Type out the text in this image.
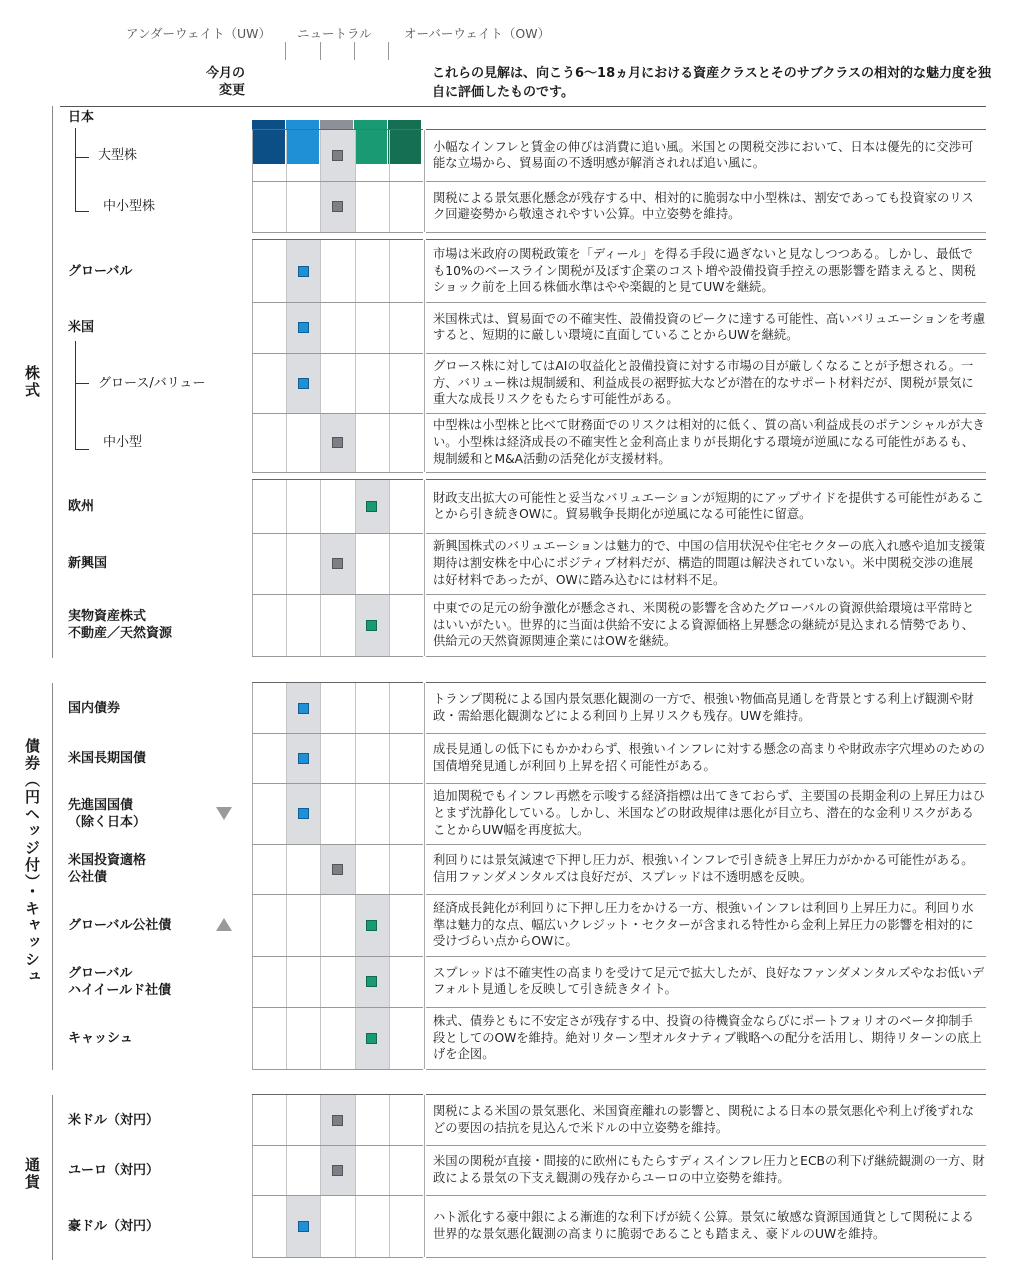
アンダーウェイト（UW） ニュートラル	オーバーウェイト（OW）
今月の
変更
これらの見解は、向こう6～18ヵ月における資産クラスとそのサブクラスの相対的な魅力度を独自に評価したものです。
株式
債券（円ヘッジ付）・キャッシュ
通貨
日本
大型株
小幅なインフレと賃金の伸びは消費に追い風。米国との関税交渉において、日本は優先的に交渉可能な立場から、貿易面の不透明感が解消されれば追い風に。
中小型株
関税による景気悪化懸念が残存する中、相対的に脆弱な中小型株は、割安であっても投資家のリスク回避姿勢から敬遠されやすい公算。中立姿勢を維持。
グローバル
市場は米政府の関税政策を「ディール」を得る手段に過ぎないと見なしつつある。しかし、最低でも10%のベースライン関税が及ぼす企業のコスト増や設備投資手控えの悪影響を踏まえると、関税ショック前を上回る株価水準はやや楽観的と見てUWを継続。
米国
米国株式は、貿易面での不確実性、設備投資のピークに達する可能性、高いバリュエーションを考慮すると、短期的に厳しい環境に直面していることからUWを継続。
グロース/バリュー
グロース株に対してはAIの収益化と設備投資に対する市場の目が厳しくなることが予想される。一方、バリュー株は規制緩和、利益成長の裾野拡大などが潜在的なサポート材料だが、関税が景気に重大な成長リスクをもたらす可能性がある。
中小型
中型株は小型株と比べて財務面でのリスクは相対的に低く、質の高い利益成長のポテンシャルが大きい。小型株は経済成長の不確実性と金利高止まりが長期化する環境が逆風になる可能性があるも、規制緩和とM&A活動の活発化が支援材料。
欧州
財政支出拡大の可能性と妥当なバリュエーションが短期的にアップサイドを提供する可能性があることから引き続きOWに。貿易戦争長期化が逆風になる可能性に留意。
新興国
新興国株式のバリュエーションは魅力的で、中国の信用状況や住宅セクターの底入れ感や追加支援策期待は割安株を中心にポジティブ材料だが、構造的問題は解決されていない。米中関税交渉の進展は好材料であったが、OWに踏み込むには材料不足。
実物資産株式
不動産／天然資源
中東での足元の紛争激化が懸念され、米関税の影響を含めたグローバルの資源供給環境は平常時とはいいがたい。世界的に当面は供給不安による資源価格上昇懸念の継続が見込まれる情勢であり、供給元の天然資源関連企業にはOWを継続。
国内債券
トランプ関税による国内景気悪化観測の一方で、根強い物価高見通しを背景とする利上げ観測や財政・需給悪化観測などによる利回り上昇リスクも残存。UWを維持。
米国長期国債
成長見通しの低下にもかかわらず、根強いインフレに対する懸念の高まりや財政赤字穴埋めのための国債増発見通しが利回り上昇を招く可能性がある。
先進国国債
（除く日本）
追加関税でもインフレ再燃を示唆する経済指標は出てきておらず、主要国の長期金利の上昇圧力はひとまず沈静化している。しかし、米国などの財政規律は悪化が目立ち、潜在的な金利リスクがあることからUW幅を再度拡大。
米国投資適格
公社債
利回りには景気減速で下押し圧力が、根強いインフレで引き続き上昇圧力がかかる可能性がある。信用ファンダメンタルズは良好だが、スプレッドは不透明感を反映。
グローバル公社債
経済成長鈍化が利回りに下押し圧力をかける一方、根強いインフレは利回り上昇圧力に。利回り水準は魅力的な点、幅広いクレジット・セクターが含まれる特性から金利上昇圧力の影響を相対的に受けづらい点からOWに。
グローバル
ハイイールド社債
スプレッドは不確実性の高まりを受けて足元で拡大したが、良好なファンダメンタルズやなお低いデフォルト見通しを反映して引き続きタイト。
キャッシュ
株式、債券ともに不安定さが残存する中、投資の待機資金ならびにポートフォリオのベータ抑制手段としてのOWを維持。絶対リターン型オルタナティブ戦略への配分を活用し、期待リターンの底上げを企図。
米ドル（対円）
関税による米国の景気悪化、米国資産離れの影響と、関税による日本の景気悪化や利上げ後ずれなどの要因の拮抗を見込んで米ドルの中立姿勢を維持。
ユーロ（対円）
米国の関税が直接・間接的に欧州にもたらすディスインフレ圧力とECBの利下げ継続観測の一方、財政による景気の下支え観測の残存からユーロの中立姿勢を維持。
豪ドル（対円）
ハト派化する豪中銀による漸進的な利下げが続く公算。景気に敏感な資源国通貨として関税による世界的な景気悪化観測の高まりに脆弱であることも踏まえ、豪ドルのUWを維持。
